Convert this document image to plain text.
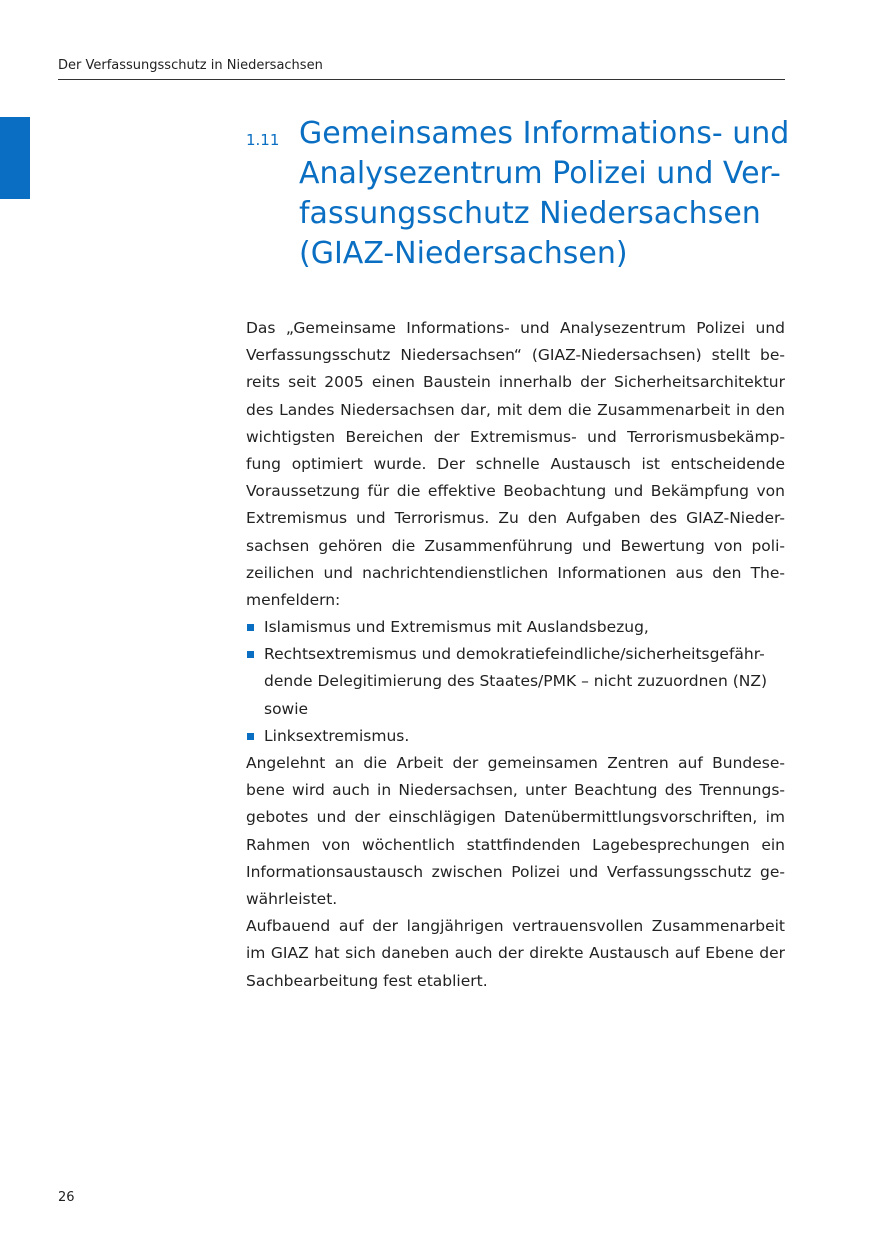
Der Verfassungsschutz in Niedersachsen
1.11 Gemeinsames Informations- und
Analysezentrum Polizei und Ver-
fassungsschutz Niedersachsen
(GIAZ-Niedersachsen)
Das „Gemeinsame Informations- und Analysezentrum Polizei und
Verfassungsschutz Niedersachsen“ (GIAZ-Niedersachsen) stellt be-
reits seit 2005 einen Baustein innerhalb der Sicherheitsarchitektur
des Landes Niedersachsen dar, mit dem die Zusammenarbeit in den
wichtigsten Bereichen der Extremismus- und Terrorismusbekämp-
fung optimiert wurde. Der schnelle Austausch ist entscheidende
Voraussetzung für die effektive Beobachtung und Bekämpfung von
Extremismus und Terrorismus. Zu den Aufgaben des GIAZ-Nieder-
sachsen gehören die Zusammenführung und Bewertung von poli-
zeilichen und nachrichtendienstlichen Informationen aus den The-
menfeldern:
Islamismus und Extremismus mit Auslandsbezug,
Rechtsextremismus und demokratiefeindliche/sicherheitsgefähr-
dende Delegitimierung des Staates/PMK – nicht zuzuordnen (NZ)
sowie
Linksextremismus.
Angelehnt an die Arbeit der gemeinsamen Zentren auf Bundese-
bene wird auch in Niedersachsen, unter Beachtung des Trennungs-
gebotes und der einschlägigen Datenübermittlungsvorschriften, im
Rahmen von wöchentlich stattfindenden Lagebesprechungen ein
Informationsaustausch zwischen Polizei und Verfassungsschutz ge-
währleistet.
Aufbauend auf der langjährigen vertrauensvollen Zusammenarbeit
im GIAZ hat sich daneben auch der direkte Austausch auf Ebene der
Sachbearbeitung fest etabliert.
26
